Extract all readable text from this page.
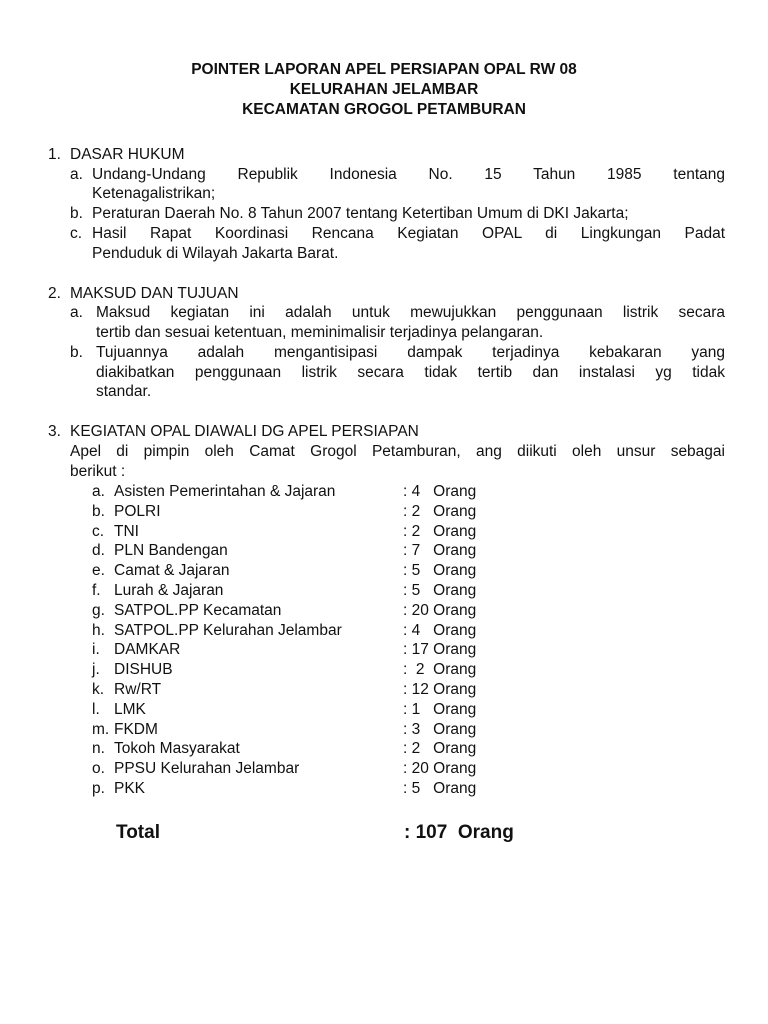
POINTER LAPORAN APEL PERSIAPAN OPAL RW 08
KELURAHAN JELAMBAR
KECAMATAN GROGOL PETAMBURAN
1. DASAR HUKUM
a. Undang-Undang Republik Indonesia No. 15 Tahun 1985 tentang
Ketenagalistrikan;
b. Peraturan Daerah No. 8 Tahun 2007 tentang Ketertiban Umum di DKI Jakarta;
c. Hasil Rapat Koordinasi Rencana Kegiatan OPAL di Lingkungan Padat
Penduduk di Wilayah Jakarta Barat.
2. MAKSUD DAN TUJUAN
a. Maksud kegiatan ini adalah untuk mewujukkan penggunaan listrik secara
tertib dan sesuai ketentuan, meminimalisir terjadinya pelangaran.
b. Tujuannya adalah mengantisipasi dampak terjadinya kebakaran yang
diakibatkan penggunaan listrik secara tidak tertib dan instalasi yg tidak
standar.
3. KEGIATAN OPAL DIAWALI DG APEL PERSIAPAN
Apel di pimpin oleh Camat Grogol Petamburan, ang diikuti oleh unsur sebagai
berikut :
a. Asisten Pemerintahan & Jajaran	: 4   Orang
b. POLRI	: 2   Orang
c. TNI	: 2   Orang
d. PLN Bandengan	: 7   Orang
e. Camat & Jajaran	: 5   Orang
f. Lurah & Jajaran	: 5   Orang
g. SATPOL.PP Kecamatan	: 20 Orang
h. SATPOL.PP Kelurahan Jelambar	: 4   Orang
i. DAMKAR	: 17 Orang
j. DISHUB	:  2  Orang
k. Rw/RT	: 12 Orang
l. LMK	: 1   Orang
m. FKDM	: 3   Orang
n. Tokoh Masyarakat	: 2   Orang
o. PPSU Kelurahan Jelambar	: 20 Orang
p. PKK	: 5   Orang
Total	: 107  Orang
